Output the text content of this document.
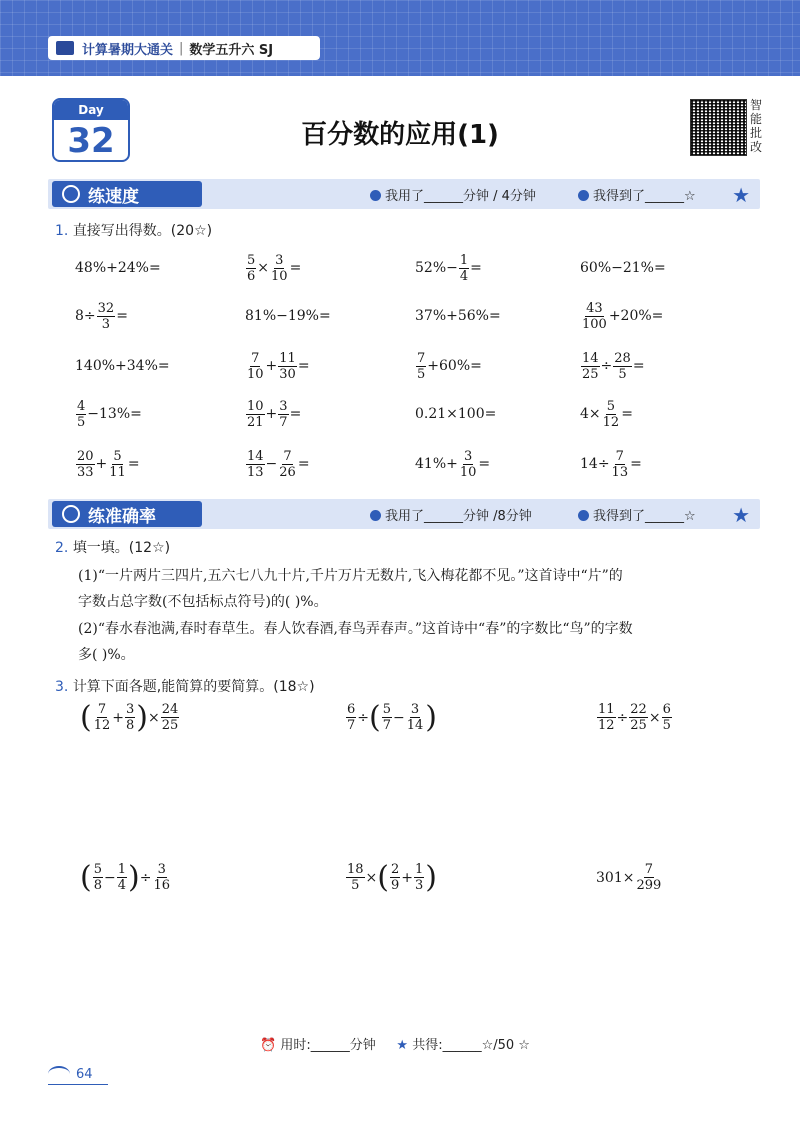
计算暑期大通关 | 数学五升六 SJ
Day
32	百分数的应用(1)
智能批改
练速度	我用了______分钟 / 4分钟	我得到了______☆ ★
1. 直接写出得数。(20☆)
48%+24%=	$\frac{5}{6} \times \frac{3}{10}$ =	$52\%- \frac{1}{4}$ =	60%−21%=
$8\div \frac{32}{3}$ =	81%−19%=	37%+56%=	$\frac{43}{100} +20\%=$
140%+34%=	$\frac{7}{10} + \frac{11}{30}$ =	$\frac{7}{5} +60\%=$	$\frac{14}{25} \div \frac{28}{5}$ =
$\frac{4}{5} -13\%=$	$\frac{10}{21} + \frac{3}{7}$ =	0.21×100=	$4\times \frac{5}{12}$ =
$\frac{20}{33} + \frac{5}{11}$ =	$\frac{14}{13} - \frac{7}{26}$ =	$41\%+ \frac{3}{10}$ =	$14\div \frac{7}{13}$ =
练准确率	我用了______分钟 /8分钟	我得到了______☆ ★
2. 填一填。(12☆)
(1)“一片两片三四片,五六七八九十片,千片万片无数片,飞入梅花都不见。”这首诗中“片”的
字数占总字数(不包括标点符号)的( )%。
(2)“春水春池满,春时春草生。春人饮春酒,春鸟弄春声。”这首诗中“春”的字数比“鸟”的字数
多( )%。
3. 计算下面各题,能简算的要简算。(18☆)
( $\frac{7}{12} + \frac{3}{8}$ ) × $\frac{24}{25}$	$\frac{6}{7}$ ÷ ( $\frac{5}{7} - \frac{3}{14}$ )	$\frac{11}{12} \div \frac{22}{25} \times \frac{6}{5}$
( $\frac{5}{8} - \frac{1}{4}$ ) ÷ $\frac{3}{16}$	$\frac{18}{5}$ × ( $\frac{2}{9} + \frac{1}{3}$ )	$301\times \frac{7}{299}$
⏰ 用时:______分钟 ★ 共得:______☆/50 ☆
64
